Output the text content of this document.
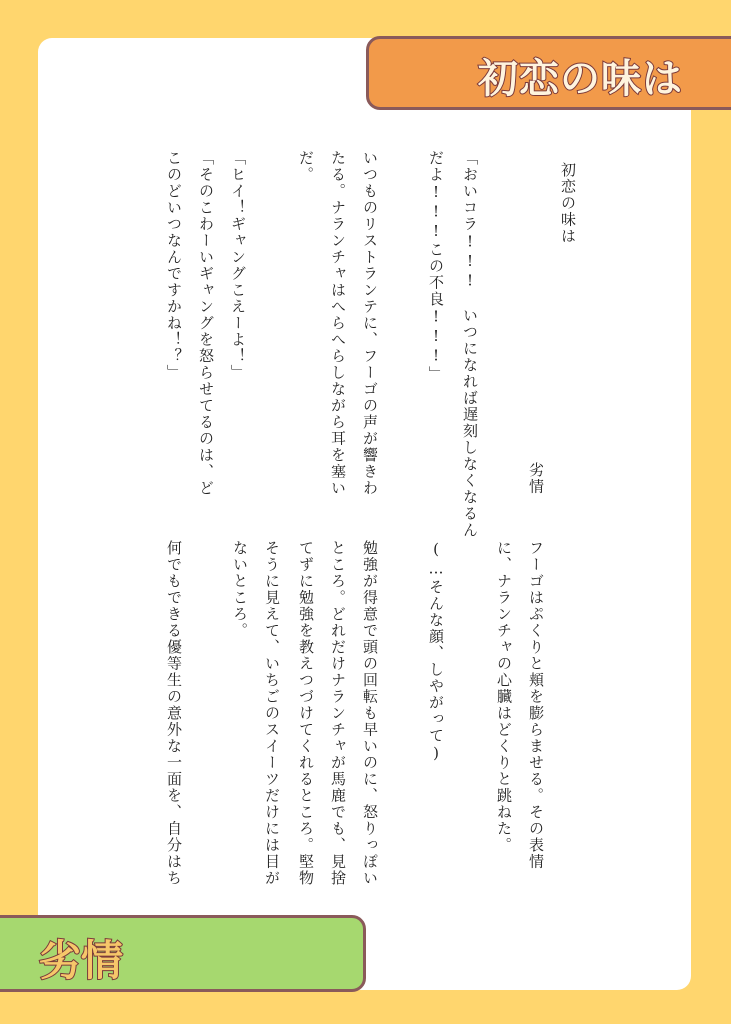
初恋の味は
劣情
初恋の味は
劣情
「おいコラ!!!　いつになれば遅刻しなくなるん
だよ!!!この不良!!!」
いつものリストランテに、フーゴの声が響きわ
たる。ナランチャはへらへらしながら耳を塞い
だ。
「ヒイ！ギャングこえーよ！」
「そのこわーいギャングを怒らせてるのは、ど
このどいつなんですかね！？」
フーゴはぷくりと頬を膨らませる。その表情
に、ナランチャの心臓はどくりと跳ねた。
(…そんな顔、しやがって)
勉強が得意で頭の回転も早いのに、怒りっぽい
ところ。どれだけナランチャが馬鹿でも、見捨
てずに勉強を教えつづけてくれるところ。堅物
そうに見えて、いちごのスイーツだけには目が
ないところ。
何でもできる優等生の意外な一面を、自分はち
